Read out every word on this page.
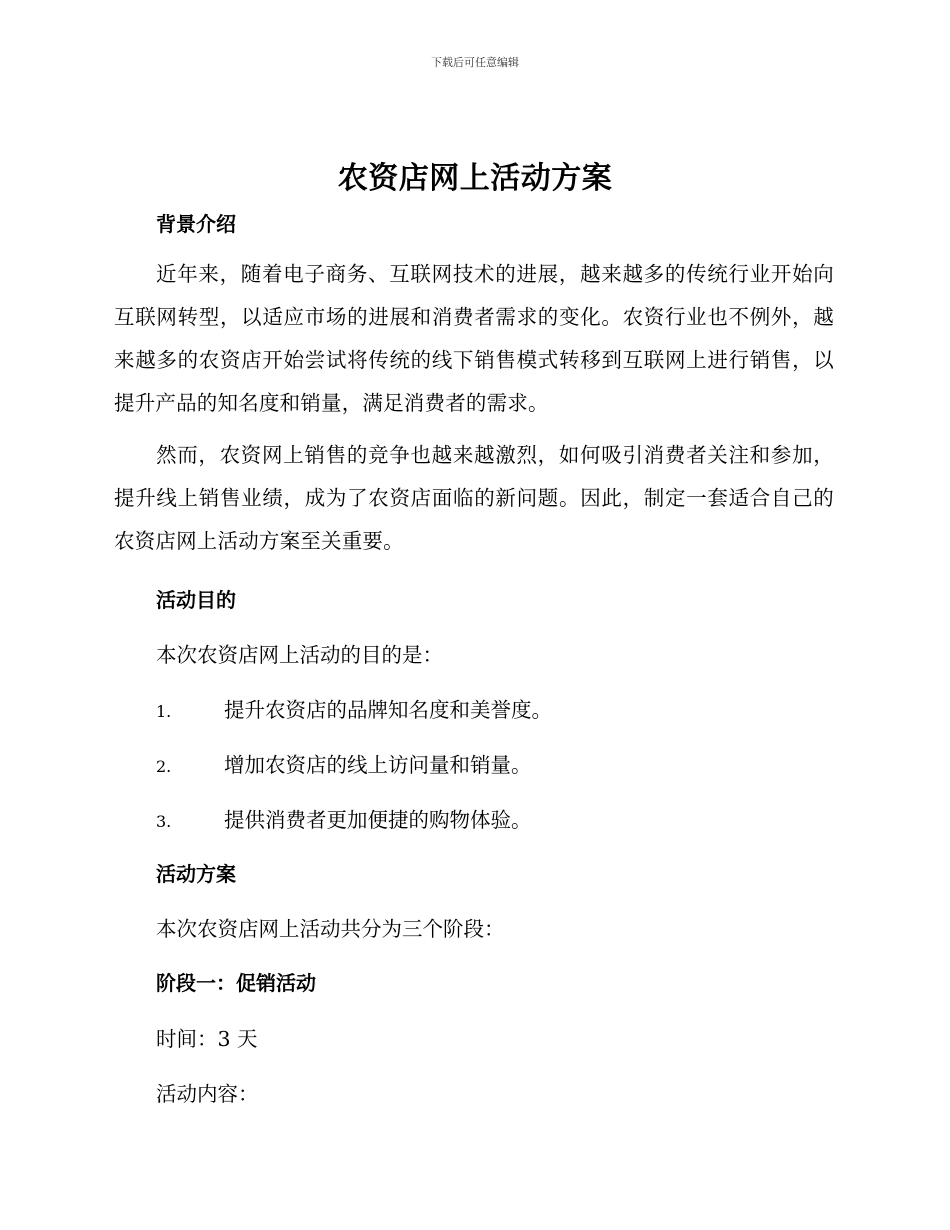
下载后可任意编辑
农资店网上活动方案
背景介绍
近年来，随着电子商务、互联网技术的进展，越来越多的传统行业开始向互联网转型，以适应市场的进展和消费者需求的变化。农资行业也不例外，越来越多的农资店开始尝试将传统的线下销售模式转移到互联网上进行销售，以提升产品的知名度和销量，满足消费者的需求。
然而，农资网上销售的竞争也越来越激烈，如何吸引消费者关注和参加，提升线上销售业绩，成为了农资店面临的新问题。因此，制定一套适合自己的农资店网上活动方案至关重要。
活动目的
本次农资店网上活动的目的是：
1.	提升农资店的品牌知名度和美誉度。
2.	增加农资店的线上访问量和销量。
3.	提供消费者更加便捷的购物体验。
活动方案
本次农资店网上活动共分为三个阶段：
阶段一：促销活动
时间：3 天
活动内容：
